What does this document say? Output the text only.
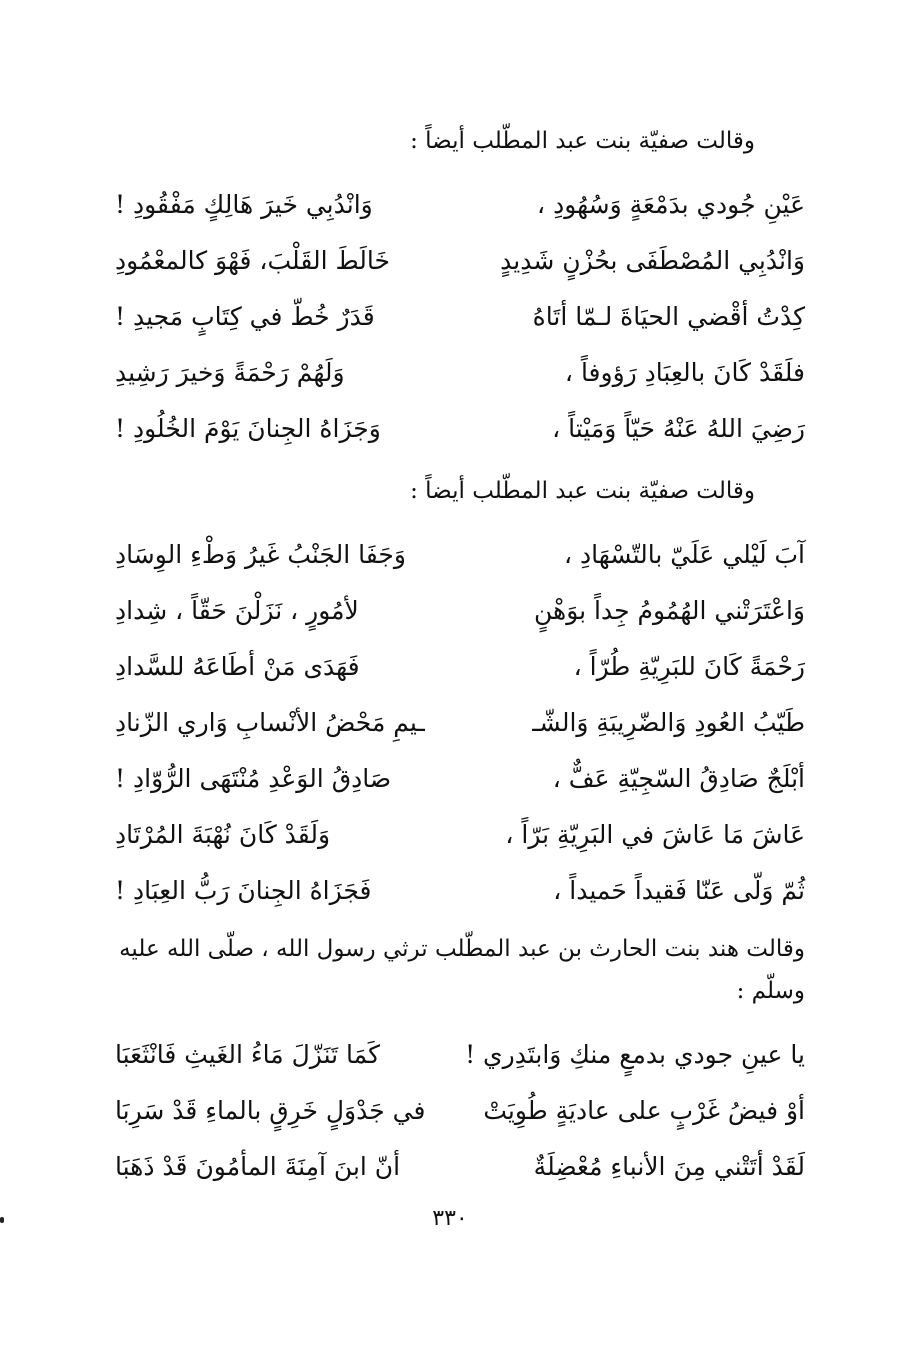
وقالت صفيّة بنت عبد المطّلب أيضاً :
عَيْنِ جُودي بدَمْعَةٍ وَسُهُودِ ،
وَانْدُبِي خَيرَ هَالِكٍ مَفْقُودِ !
وَانْدُبِي المُصْطَفَى بحُزْنٍ شَدِيدٍ
خَالَطَ القَلْبَ، فَهْوَ كالمعْمُودِ
كِدْتُ أقْضي الحيَاةَ لـمّا أتَاهُ
قَدَرٌ خُطّ في كِتَابٍ مَجيدِ !
فلَقَدْ كَانَ بالعِبَادِ رَؤوفاً ،
وَلَهُمْ رَحْمَةً وَخيرَ رَشِيدِ
رَضِيَ اللهُ عَنْهُ حَيّاً وَمَيْتاً ،
وَجَزَاهُ الجِنانَ يَوْمَ الخُلُودِ !
وقالت صفيّة بنت عبد المطّلب أيضاً :
آبَ لَيْلي عَلَيّ بالتّسْهَادِ ،
وَجَفَا الجَنْبُ غَيرُ وَطْءِ الوِسَادِ
وَاعْتَرَتْني الهُمُومُ جِداً بوَهْنٍ
لأمُورٍ ، نَزَلْنَ حَقّاً ، شِدادِ
رَحْمَةً كَانَ للبَرِيّةِ طُرّاً ،
فَهَدَى مَنْ أطَاعَهُ للسَّدادِ
طَيّبُ العُودِ وَالضّرِيبَةِ وَالشّـ
ـيمِ مَحْضُ الأنْسابِ وَاري الزّنادِ
أبْلَجٌ صَادِقُ السّجِيّةِ عَفٌّ ،
صَادِقُ الوَعْدِ مُنْتَهَى الرُّوّادِ !
عَاشَ مَا عَاشَ في البَرِيّةِ بَرّاً ،
وَلَقَدْ كَانَ نُهْبَةَ المُرْتَادِ
ثُمّ وَلّى عَنّا فَقيداً حَميداً ،
فَجَزَاهُ الجِنانَ رَبُّ العِبَادِ !
وقالت هند بنت الحارث بن عبد المطّلب ترثي رسول الله ، صلّى الله عليه وسلّم :
يا عينِ جودي بدمعٍ منكِ وَابتَدِري !
كَمَا تَنَزّلَ مَاءُ الغَيثِ فَانْثَعَبَا
أوْ فيضُ غَرْبٍ على عاديَةٍ طُوِيَتْ
في جَدْوَلٍ خَرِقٍ بالماءِ قَدْ سَرِبَا
لَقَدْ أتَتْني مِنَ الأنباءِ مُعْضِلَةٌ
أنّ ابنَ آمِنَةَ المأمُونَ قَدْ ذَهَبَا
٣٣٠
